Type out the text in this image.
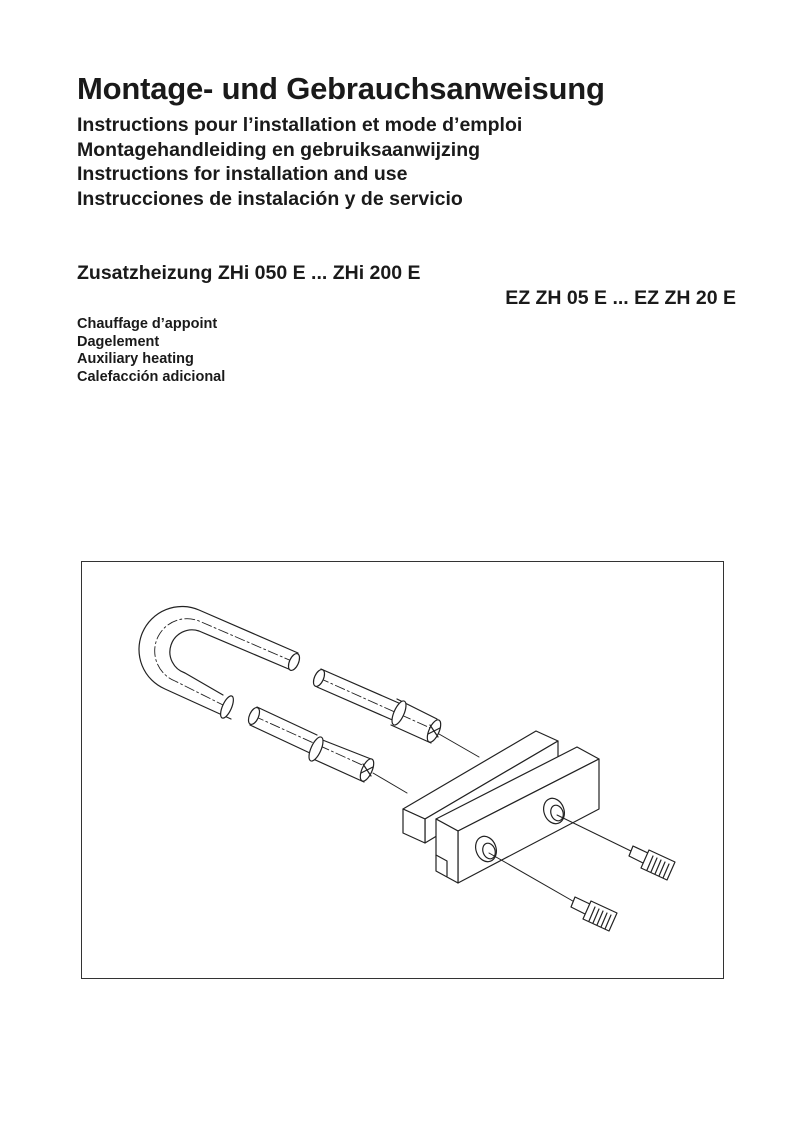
Montage- und Gebrauchsanweisung
Instructions pour l’installation et mode d’emploi
Montagehandleiding en gebruiksaanwijzing
Instructions for installation and use
Instrucciones de instalación y de servicio

Zusatzheizung ZHi 050 E ... ZHi 200 E

EZ ZH 05 E ... EZ ZH 20 E

Chauffage d’appoint
Dagelement
Auxiliary heating
Calefacción adicional
